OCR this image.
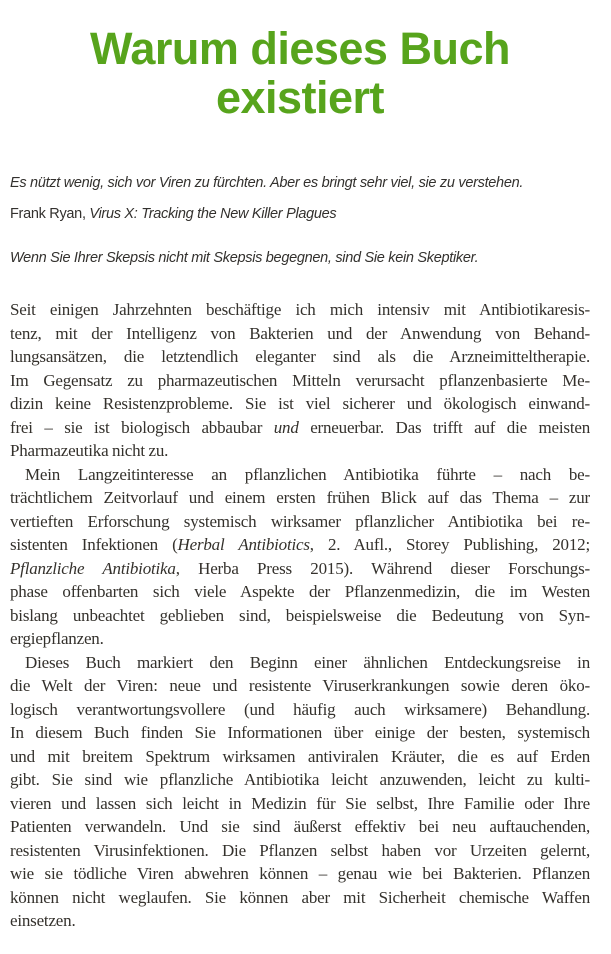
Warum dieses Buch
existiert

Es nützt wenig, sich vor Viren zu fürchten. Aber es bringt sehr viel, sie zu verstehen.

Frank Ryan, Virus X: Tracking the New Killer Plagues

Wenn Sie Ihrer Skepsis nicht mit Skepsis begegnen, sind Sie kein Skeptiker.

Seit einigen Jahrzehnten beschäftige ich mich intensiv mit Antibiotikaresis-
tenz, mit der Intelligenz von Bakterien und der Anwendung von Behand-
lungsansätzen, die letztendlich eleganter sind als die Arzneimitteltherapie.
Im Gegensatz zu pharmazeutischen Mitteln verursacht pflanzenbasierte Me-
dizin keine Resistenzprobleme. Sie ist viel sicherer und ökologisch einwand-
frei – sie ist biologisch abbaubar und erneuerbar. Das trifft auf die meisten
Pharmazeutika nicht zu.
Mein Langzeitinteresse an pflanzlichen Antibiotika führte – nach be-
trächtlichem Zeitvorlauf und einem ersten frühen Blick auf das Thema – zur
vertieften Erforschung systemisch wirksamer pflanzlicher Antibiotika bei re-
sistenten Infektionen (Herbal Antibiotics, 2. Aufl., Storey Publishing, 2012;
Pflanzliche Antibiotika, Herba Press 2015). Während dieser Forschungs-
phase offenbarten sich viele Aspekte der Pflanzenmedizin, die im Westen
bislang unbeachtet geblieben sind, beispielsweise die Bedeutung von Syn-
ergiepflanzen.
Dieses Buch markiert den Beginn einer ähnlichen Entdeckungsreise in
die Welt der Viren: neue und resistente Viruserkrankungen sowie deren öko-
logisch verantwortungsvollere (und häufig auch wirksamere) Behandlung.
In diesem Buch finden Sie Informationen über einige der besten, systemisch
und mit breitem Spektrum wirksamen antiviralen Kräuter, die es auf Erden
gibt. Sie sind wie pflanzliche Antibiotika leicht anzuwenden, leicht zu kulti-
vieren und lassen sich leicht in Medizin für Sie selbst, Ihre Familie oder Ihre
Patienten verwandeln. Und sie sind äußerst effektiv bei neu auftauchenden,
resistenten Virusinfektionen. Die Pflanzen selbst haben vor Urzeiten gelernt,
wie sie tödliche Viren abwehren können – genau wie bei Bakterien. Pflanzen
können nicht weglaufen. Sie können aber mit Sicherheit chemische Waffen
einsetzen.
